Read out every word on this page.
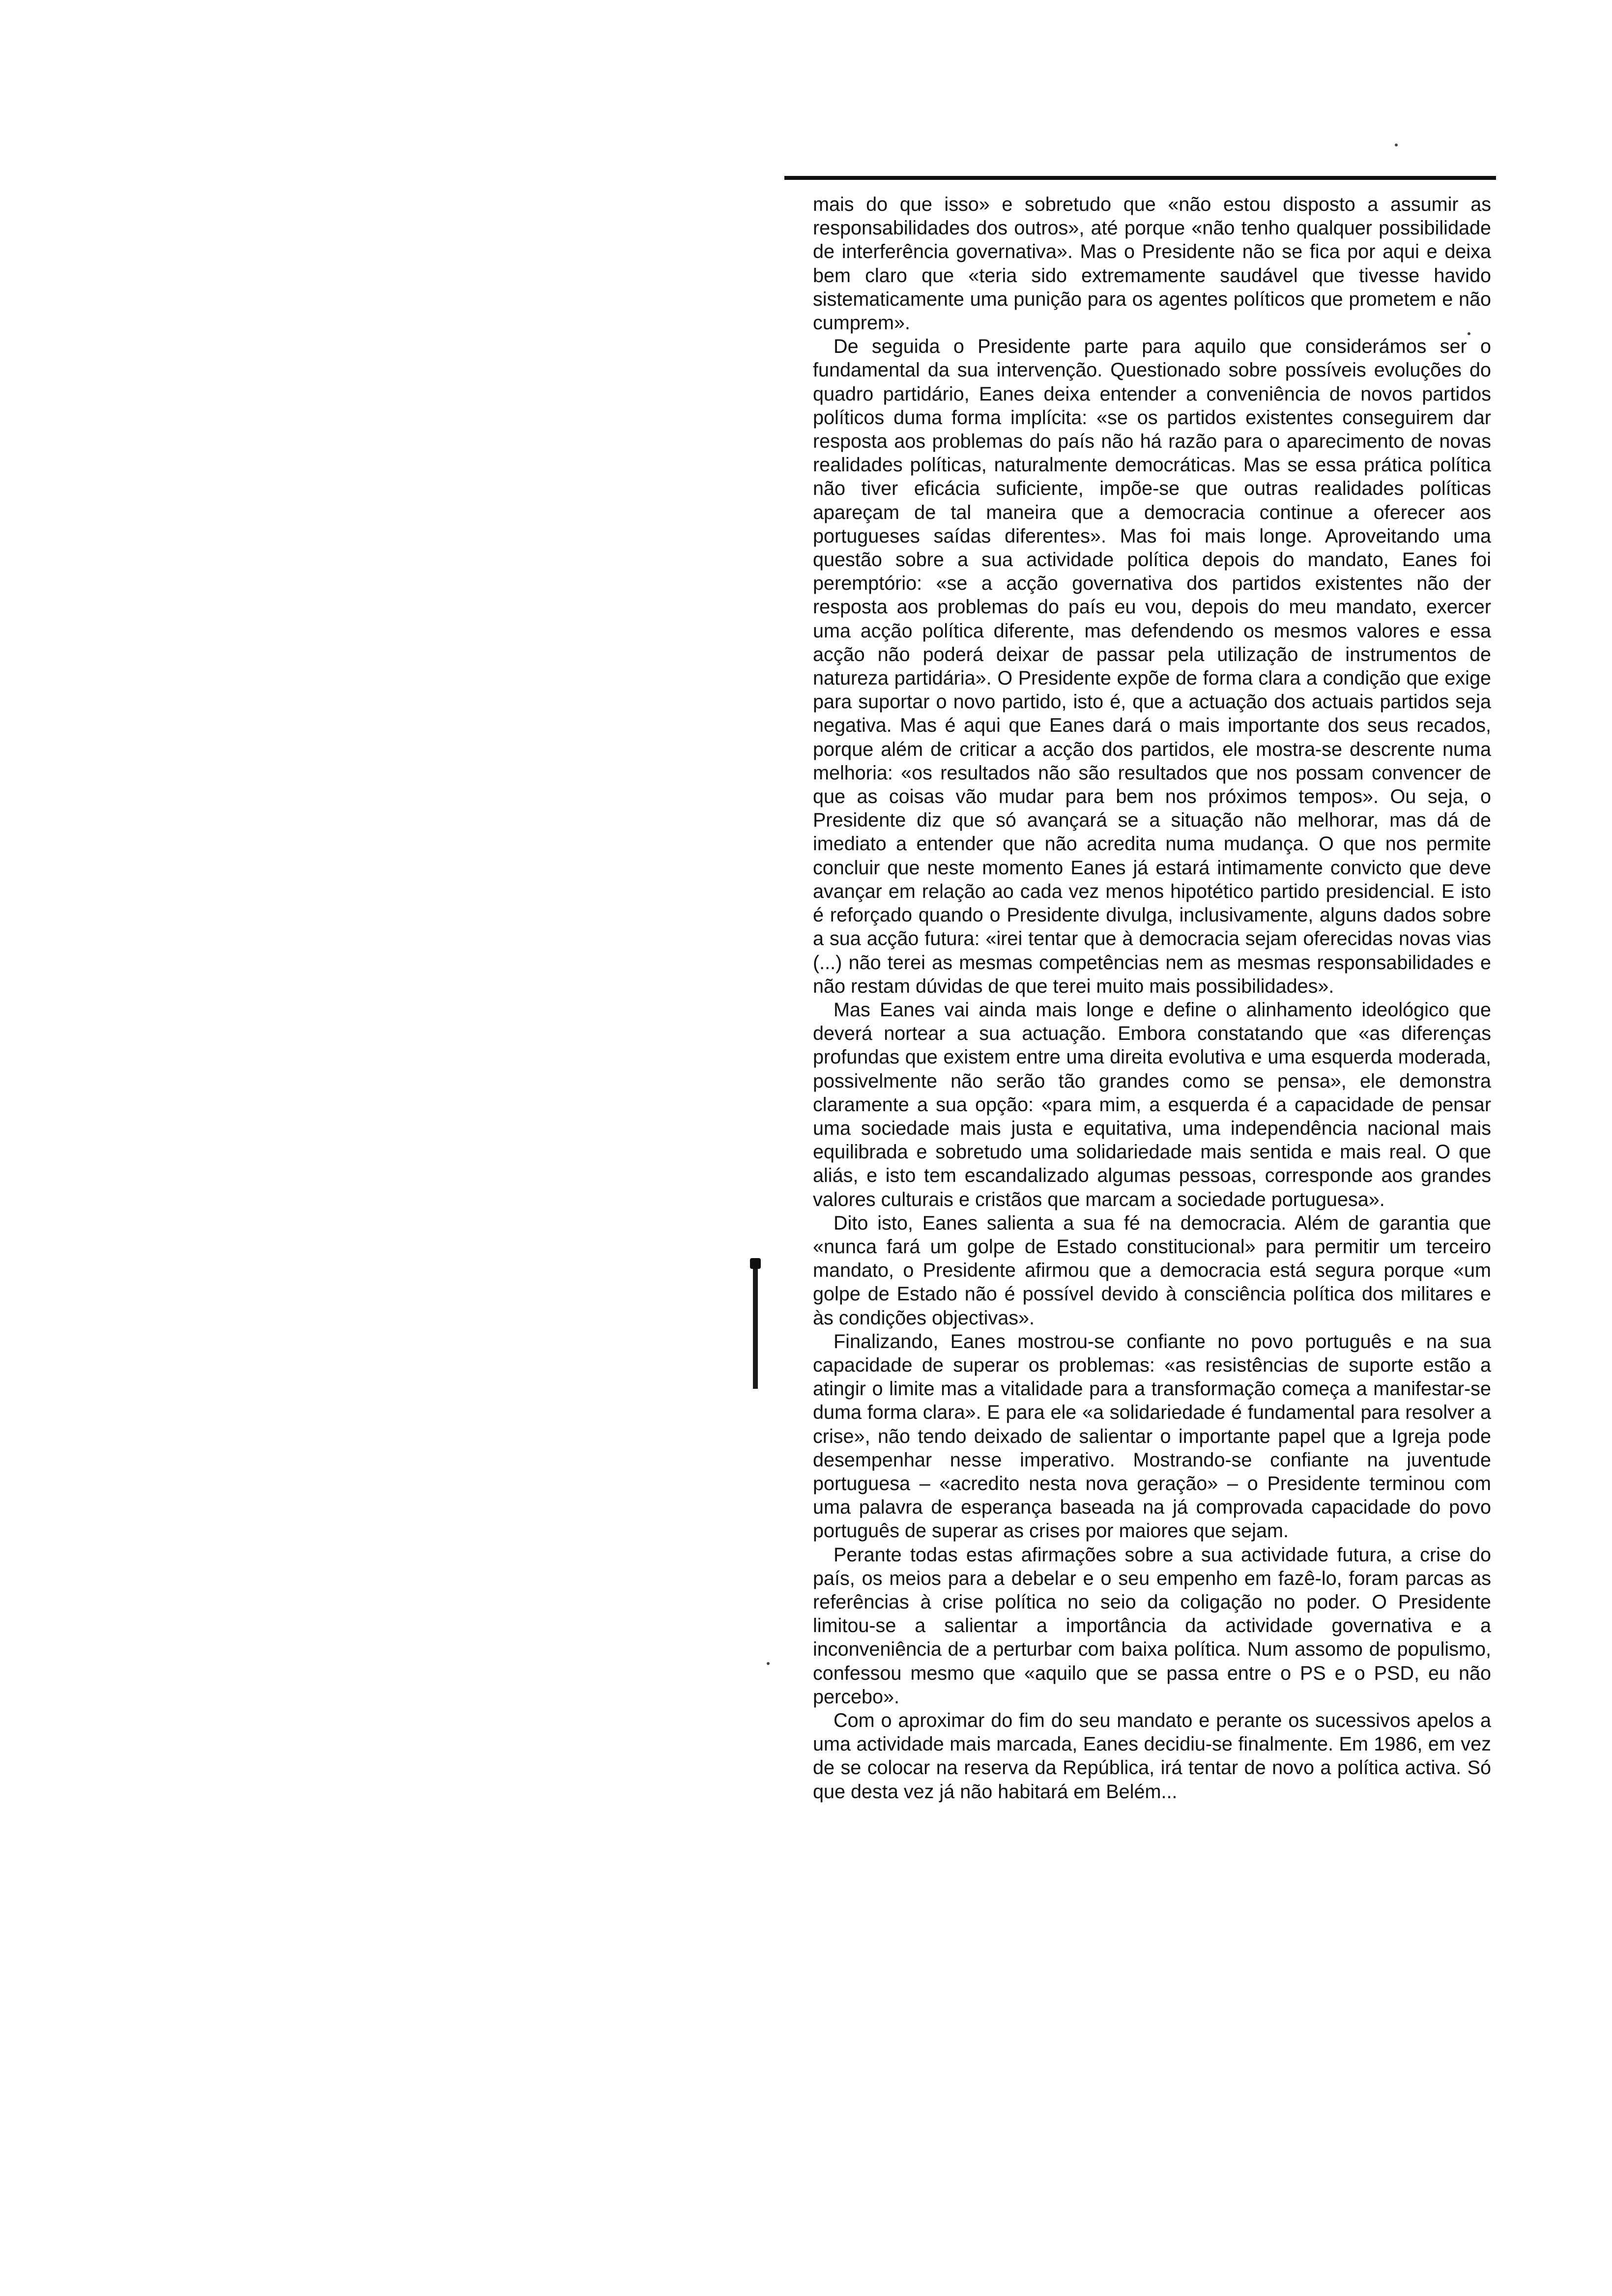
mais do que isso» e sobretudo que «não estou disposto a assumir as responsabilidades dos outros», até porque «não tenho qualquer possibilidade de interferência governativa». Mas o Presidente não se fica por aqui e deixa bem claro que «teria sido extremamente saudável que tivesse havido sistematicamente uma punição para os agentes políticos que prometem e não cumprem».

De seguida o Presidente parte para aquilo que considerámos ser o fundamental da sua intervenção. Questionado sobre possíveis evoluções do quadro partidário, Eanes deixa entender a conveniência de novos partidos políticos duma forma implícita: «se os partidos existentes conseguirem dar resposta aos problemas do país não há razão para o aparecimento de novas realidades políticas, naturalmente democráticas. Mas se essa prática política não tiver eficácia suficiente, impõe-se que outras realidades políticas apareçam de tal maneira que a democracia continue a oferecer aos portugueses saídas diferentes». Mas foi mais longe. Aproveitando uma questão sobre a sua actividade política depois do mandato, Eanes foi peremptório: «se a acção governativa dos partidos existentes não der resposta aos problemas do país eu vou, depois do meu mandato, exercer uma acção política diferente, mas defendendo os mesmos valores e essa acção não poderá deixar de passar pela utilização de instrumentos de natureza partidária». O Presidente expõe de forma clara a condição que exige para suportar o novo partido, isto é, que a actuação dos actuais partidos seja negativa. Mas é aqui que Eanes dará o mais importante dos seus recados, porque além de criticar a acção dos partidos, ele mostra-se descrente numa melhoria: «os resultados não são resultados que nos possam convencer de que as coisas vão mudar para bem nos próximos tempos». Ou seja, o Presidente diz que só avançará se a situação não melhorar, mas dá de imediato a entender que não acredita numa mudança. O que nos permite concluir que neste momento Eanes já estará intimamente convicto que deve avançar em relação ao cada vez menos hipotético partido presidencial. E isto é reforçado quando o Presidente divulga, inclusivamente, alguns dados sobre a sua acção futura: «irei tentar que à democracia sejam oferecidas novas vias (...) não terei as mesmas competências nem as mesmas responsabilidades e não restam dúvidas de que terei muito mais possibilidades».

Mas Eanes vai ainda mais longe e define o alinhamento ideológico que deverá nortear a sua actuação. Embora constatando que «as diferenças profundas que existem entre uma direita evolutiva e uma esquerda moderada, possivelmente não serão tão grandes como se pensa», ele demonstra claramente a sua opção: «para mim, a esquerda é a capacidade de pensar uma sociedade mais justa e equitativa, uma independência nacional mais equilibrada e sobretudo uma solidariedade mais sentida e mais real. O que aliás, e isto tem escandalizado algumas pessoas, corresponde aos grandes valores culturais e cristãos que marcam a sociedade portuguesa».

Dito isto, Eanes salienta a sua fé na democracia. Além de garantia que «nunca fará um golpe de Estado constitucional» para permitir um terceiro mandato, o Presidente afirmou que a democracia está segura porque «um golpe de Estado não é possível devido à consciência política dos militares e às condições objectivas».

Finalizando, Eanes mostrou-se confiante no povo português e na sua capacidade de superar os problemas: «as resistências de suporte estão a atingir o limite mas a vitalidade para a transformação começa a manifestar-se duma forma clara». E para ele «a solidariedade é fundamental para resolver a crise», não tendo deixado de salientar o importante papel que a Igreja pode desempenhar nesse imperativo. Mostrando-se confiante na juventude portuguesa – «acredito nesta nova geração» – o Presidente terminou com uma palavra de esperança baseada na já comprovada capacidade do povo português de superar as crises por maiores que sejam.

Perante todas estas afirmações sobre a sua actividade futura, a crise do país, os meios para a debelar e o seu empenho em fazê-lo, foram parcas as referências à crise política no seio da coligação no poder. O Presidente limitou-se a salientar a importância da actividade governativa e a inconveniência de a perturbar com baixa política. Num assomo de populismo, confessou mesmo que «aquilo que se passa entre o PS e o PSD, eu não percebo».

Com o aproximar do fim do seu mandato e perante os sucessivos apelos a uma actividade mais marcada, Eanes decidiu-se finalmente. Em 1986, em vez de se colocar na reserva da República, irá tentar de novo a política activa. Só que desta vez já não habitará em Belém...
